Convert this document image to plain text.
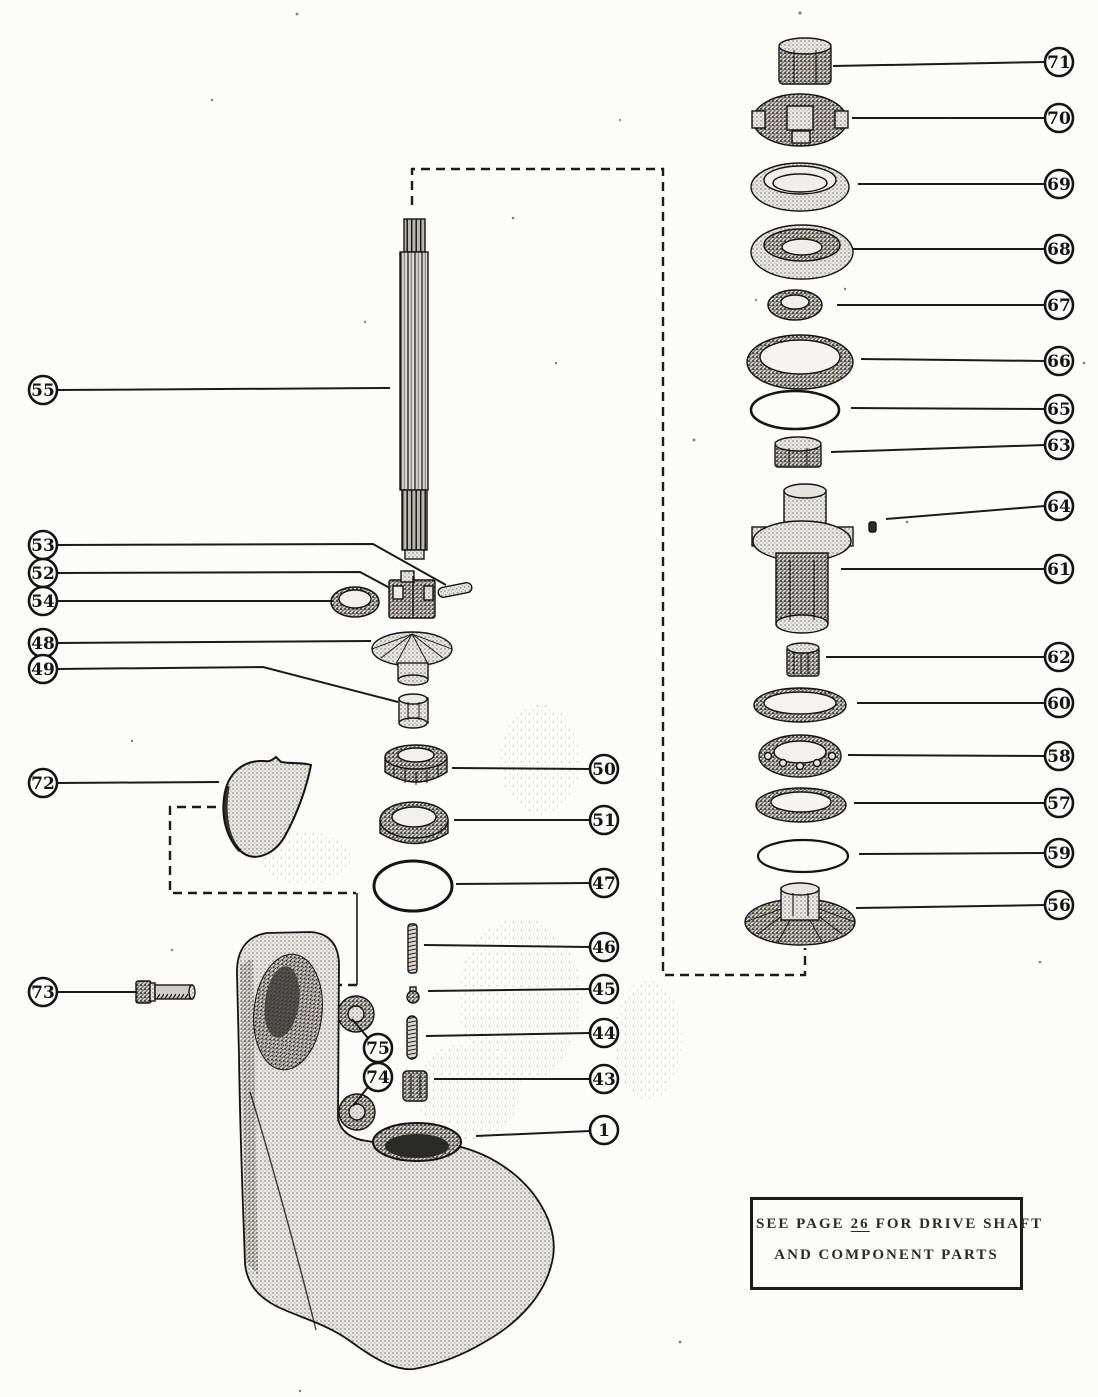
71
70
69
68
67
66
65
63
64
61
62
60
58
57
59
56
55
53
52
54
48
49
72
73
50
51
47
46
45
44
43
1
75
74
SEE PAGE 26 FOR DRIVE SHAFT
AND COMPONENT PARTS
